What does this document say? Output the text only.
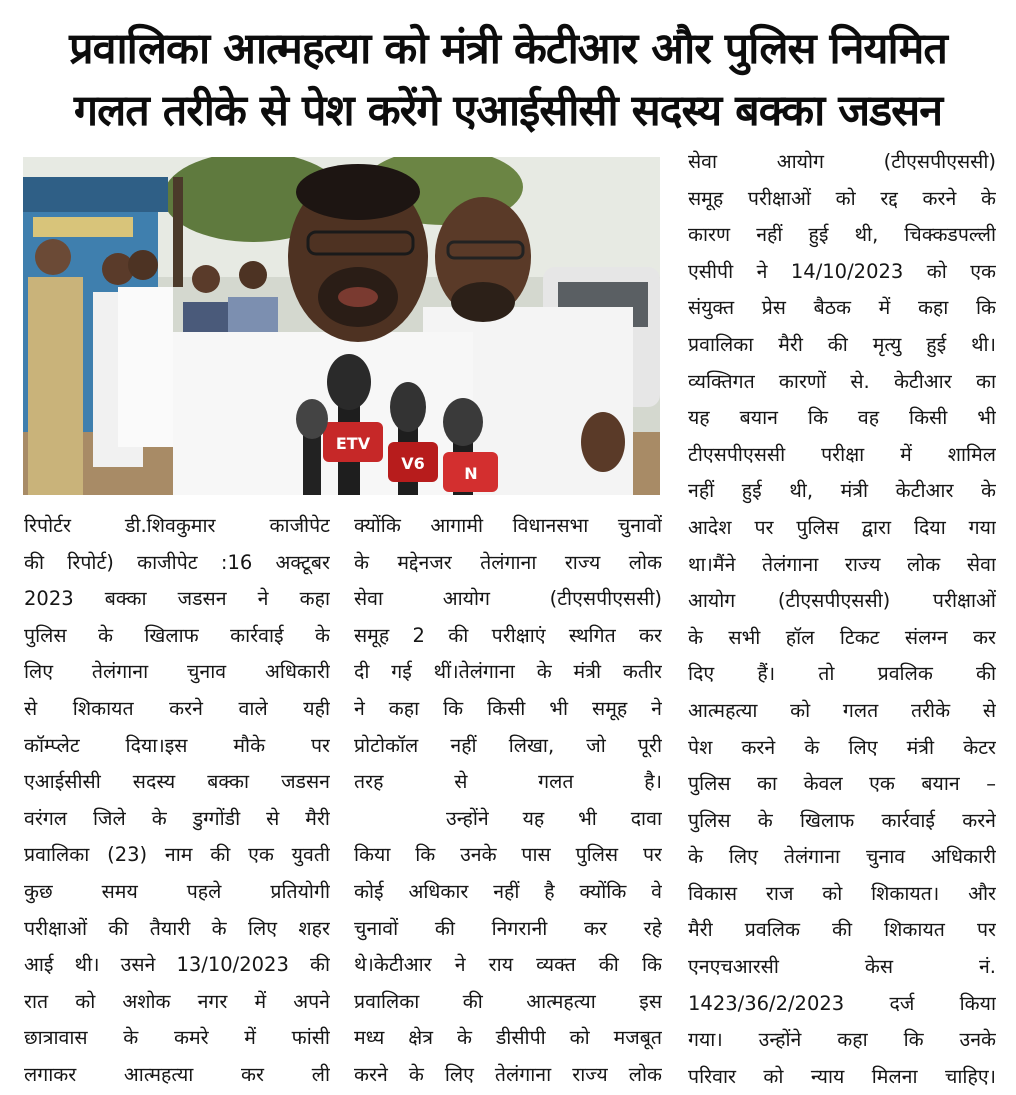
प्रवालिका आत्महत्या को मंत्री केटीआर और पुलिस नियमित
गलत तरीके से पेश करेंगे एआईसीसी सदस्य बक्का जडसन
ETV
V6
N
रिपोर्टर डी.शिवकुमार काजीपेट
की रिपोर्ट) काजीपेट :16 अक्टूबर
2023 बक्का जडसन ने कहा
पुलिस के खिलाफ कार्रवाई के
लिए तेलंगाना चुनाव अधिकारी
से शिकायत करने वाले यही
कॉम्प्लेट दिया।इस मौके पर
एआईसीसी सदस्य बक्का जडसन
वरंगल जिले के डुग्गोंडी से मैरी
प्रवालिका (23) नाम की एक युवती
कुछ समय पहले प्रतियोगी
परीक्षाओं की तैयारी के लिए शहर
आई थी। उसने 13/10/2023 की
रात को अशोक नगर में अपने
छात्रावास के कमरे में फांसी
लगाकर आत्महत्या कर ली
क्योंकि आगामी विधानसभा चुनावों
के मद्देनजर तेलंगाना राज्य लोक
सेवा आयोग (टीएसपीएससी)
समूह 2 की परीक्षाएं स्थगित कर
दी गई थीं।तेलंगाना के मंत्री कतीर
ने कहा कि किसी भी समूह ने
प्रोटोकॉल नहीं लिखा, जो पूरी
तरह से गलत है।
उन्होंने यह भी दावा
किया कि उनके पास पुलिस पर
कोई अधिकार नहीं है क्योंकि वे
चुनावों की निगरानी कर रहे
थे।केटीआर ने राय व्यक्त की कि
प्रवालिका की आत्महत्या इस
मध्य क्षेत्र के डीसीपी को मजबूत
करने के लिए तेलंगाना राज्य लोक
सेवा आयोग (टीएसपीएससी)
समूह परीक्षाओं को रद्द करने के
कारण नहीं हुई थी, चिक्कडपल्ली
एसीपी ने 14/10/2023 को एक
संयुक्त प्रेस बैठक में कहा कि
प्रवालिका मैरी की मृत्यु हुई थी।
व्यक्तिगत कारणों से. केटीआर का
यह बयान कि वह किसी भी
टीएसपीएससी परीक्षा में शामिल
नहीं हुई थी, मंत्री केटीआर के
आदेश पर पुलिस द्वारा दिया गया
था।मैंने तेलंगाना राज्य लोक सेवा
आयोग (टीएसपीएससी) परीक्षाओं
के सभी हॉल टिकट संलग्न कर
दिए हैं। तो प्रवलिक की
आत्महत्या को गलत तरीके से
पेश करने के लिए मंत्री केटर
पुलिस का केवल एक बयान –
पुलिस के खिलाफ कार्रवाई करने
के लिए तेलंगाना चुनाव अधिकारी
विकास राज को शिकायत। और
मैरी प्रवलिक की शिकायत पर
एनएचआरसी केस नं.
1423/36/2/2023 दर्ज किया
गया। उन्होंने कहा कि उनके
परिवार को न्याय मिलना चाहिए।
